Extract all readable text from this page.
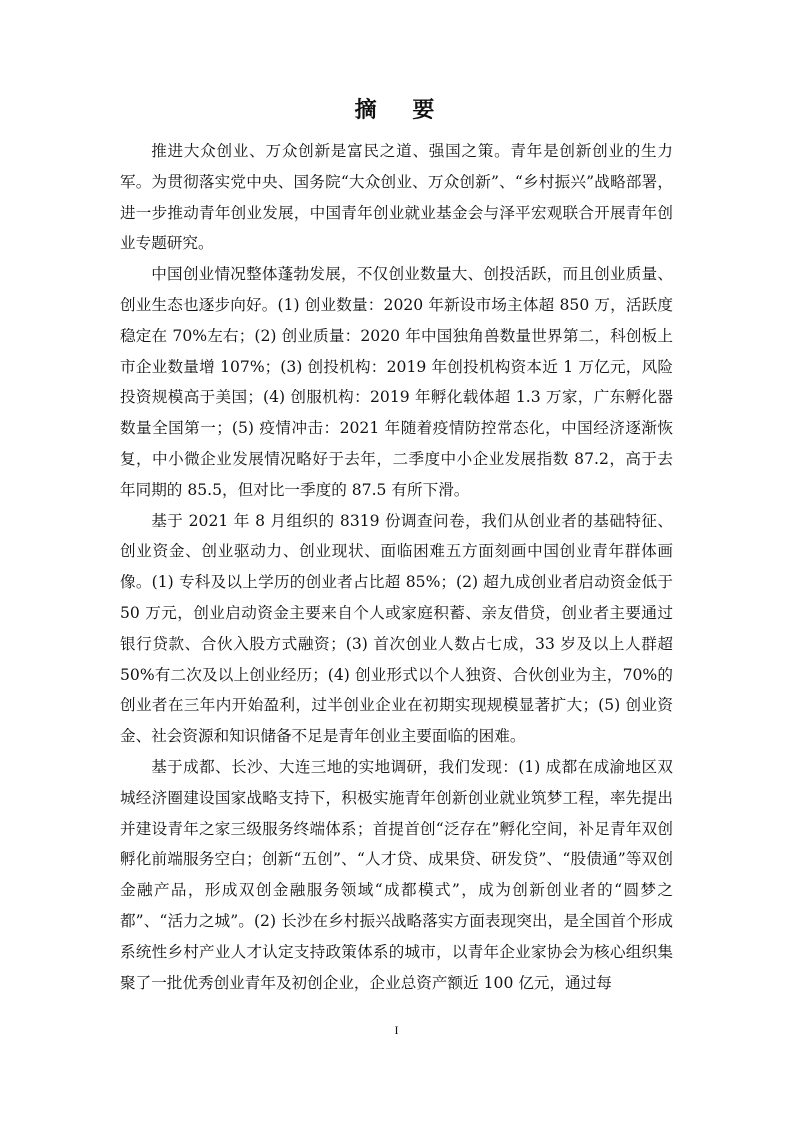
摘 要

推进大众创业、万众创新是富民之道、强国之策。青年是创新创业的生力军。为贯彻落实党中央、国务院“大众创业、万众创新”、“乡村振兴”战略部署，进一步推动青年创业发展，中国青年创业就业基金会与泽平宏观联合开展青年创业专题研究。

中国创业情况整体蓬勃发展，不仅创业数量大、创投活跃，而且创业质量、创业生态也逐步向好。(1) 创业数量：2020 年新设市场主体超 850 万，活跃度稳定在 70%左右；(2) 创业质量：2020 年中国独角兽数量世界第二，科创板上市企业数量增 107%；(3) 创投机构：2019 年创投机构资本近 1 万亿元，风险投资规模高于美国；(4) 创服机构：2019 年孵化载体超 1.3 万家，广东孵化器数量全国第一；(5) 疫情冲击：2021 年随着疫情防控常态化，中国经济逐渐恢复，中小微企业发展情况略好于去年，二季度中小企业发展指数 87.2，高于去年同期的 85.5，但对比一季度的 87.5 有所下滑。

基于 2021 年 8 月组织的 8319 份调查问卷，我们从创业者的基础特征、创业资金、创业驱动力、创业现状、面临困难五方面刻画中国创业青年群体画像。(1) 专科及以上学历的创业者占比超 85%；(2) 超九成创业者启动资金低于 50 万元，创业启动资金主要来自个人或家庭积蓄、亲友借贷，创业者主要通过银行贷款、合伙入股方式融资；(3) 首次创业人数占七成，33 岁及以上人群超 50%有二次及以上创业经历；(4) 创业形式以个人独资、合伙创业为主，70%的创业者在三年内开始盈利，过半创业企业在初期实现规模显著扩大；(5) 创业资金、社会资源和知识储备不足是青年创业主要面临的困难。

基于成都、长沙、大连三地的实地调研，我们发现：(1) 成都在成渝地区双城经济圈建设国家战略支持下，积极实施青年创新创业就业筑梦工程，率先提出并建设青年之家三级服务终端体系；首提首创“泛存在”孵化空间，补足青年双创孵化前端服务空白；创新“五创”、“人才贷、成果贷、研发贷”、“股债通”等双创金融产品，形成双创金融服务领域“成都模式”，成为创新创业者的“圆梦之都”、“活力之城”。(2) 长沙在乡村振兴战略落实方面表现突出，是全国首个形成系统性乡村产业人才认定支持政策体系的城市，以青年企业家协会为核心组织集聚了一批优秀创业青年及初创企业，企业总资产额近 100 亿元，通过每

I
